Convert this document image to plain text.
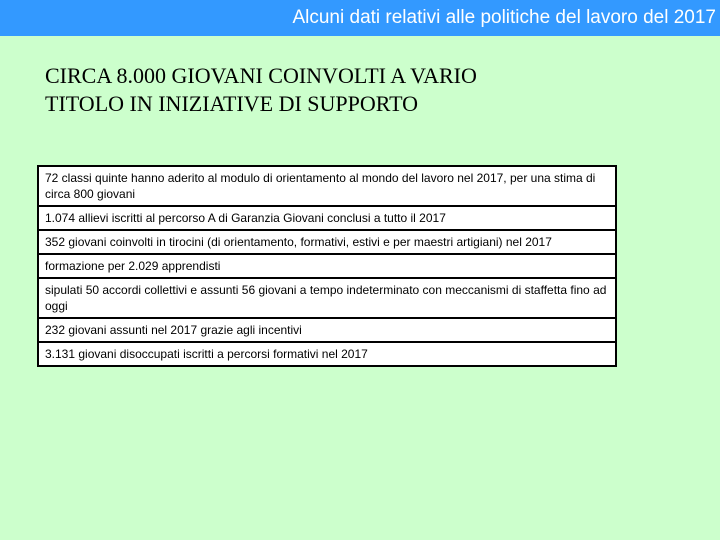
Alcuni dati relativi alle politiche del lavoro del 2017
CIRCA 8.000 GIOVANI COINVOLTI A VARIO
TITOLO IN INIZIATIVE DI SUPPORTO
72 classi quinte hanno aderito al modulo di orientamento al mondo del lavoro nel 2017, per una stima di circa 800 giovani
1.074 allievi iscritti al percorso A di Garanzia Giovani conclusi a tutto il 2017
352 giovani coinvolti in tirocini (di orientamento, formativi, estivi e per maestri artigiani) nel 2017
formazione per 2.029 apprendisti
sipulati 50 accordi collettivi e assunti 56 giovani a tempo indeterminato con meccanismi di staffetta fino ad oggi
232 giovani assunti nel 2017 grazie agli incentivi
3.131 giovani disoccupati iscritti a percorsi formativi nel 2017
